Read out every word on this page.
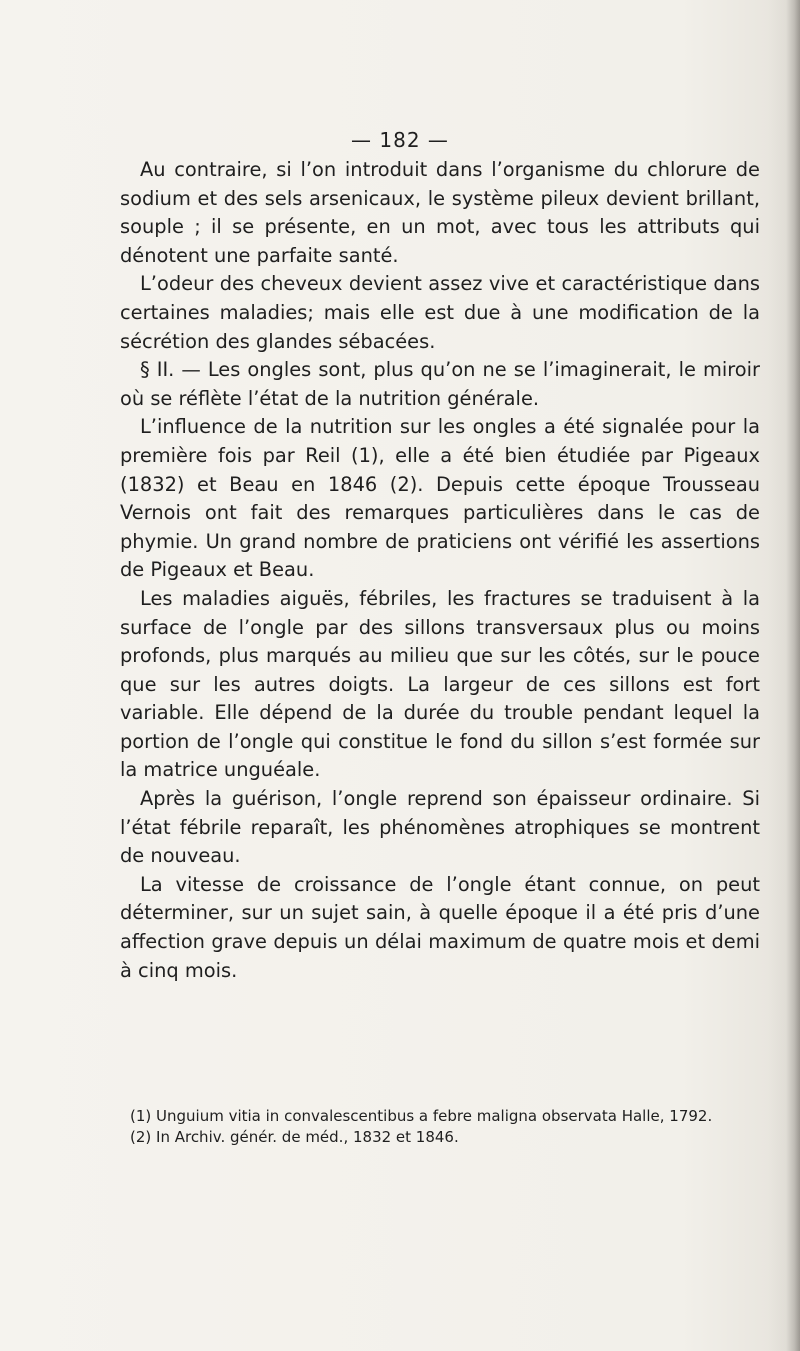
— 182 —

Au contraire, si l’on introduit dans l’organisme du chlorure de sodium et des sels arsenicaux, le système pileux devient brillant, souple ; il se présente, en un mot, avec tous les attributs qui dénotent une parfaite santé.

L’odeur des cheveux devient assez vive et caractéristique dans certaines maladies; mais elle est due à une modification de la sécrétion des glandes sébacées.

§ II. — Les ongles sont, plus qu’on ne se l’imaginerait, le miroir où se réflète l’état de la nutrition générale.

L’influence de la nutrition sur les ongles a été signalée pour la première fois par Reil (1), elle a été bien étudiée par Pigeaux (1832) et Beau en 1846 (2). Depuis cette époque Trousseau Vernois ont fait des remarques particulières dans le cas de phymie. Un grand nombre de praticiens ont vérifié les assertions de Pigeaux et Beau.

Les maladies aiguës, fébriles, les fractures se traduisent à la surface de l’ongle par des sillons transversaux plus ou moins profonds, plus marqués au milieu que sur les côtés, sur le pouce que sur les autres doigts. La largeur de ces sillons est fort variable. Elle dépend de la durée du trouble pendant lequel la portion de l’ongle qui constitue le fond du sillon s’est formée sur la matrice unguéale.

Après la guérison, l’ongle reprend son épaisseur ordinaire. Si l’état fébrile reparaît, les phénomènes atrophiques se montrent de nouveau.

La vitesse de croissance de l’ongle étant connue, on peut déterminer, sur un sujet sain, à quelle époque il a été pris d’une affection grave depuis un délai maximum de quatre mois et demi à cinq mois.

(1) Unguium vitia in convalescentibus a febre maligna observata Halle, 1792.

(2) In Archiv. génér. de méd., 1832 et 1846.
